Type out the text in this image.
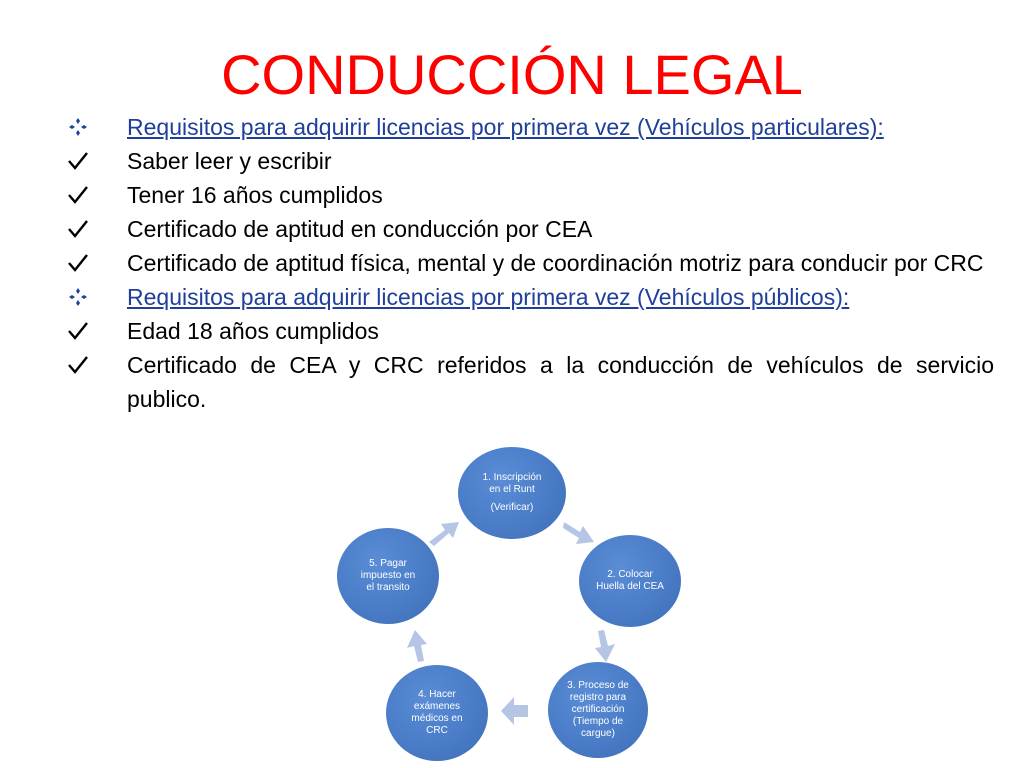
CONDUCCIÓN LEGAL
Requisitos para adquirir licencias por primera vez (Vehículos particulares):
Saber leer y escribir
Tener 16 años cumplidos
Certificado de aptitud en conducción por CEA
Certificado de aptitud física, mental y de coordinación motriz para conducir por CRC
Requisitos para adquirir licencias por primera vez (Vehículos públicos):
Edad 18 años cumplidos
Certificado de CEA y CRC referidos a la conducción de vehículos de servicio publico.
1. Inscripción
en el Runt
(Verificar)
2. Colocar
Huella del CEA
3. Proceso de
registro para
certificación
(Tiempo de
cargue)
4. Hacer
exámenes
médicos en
CRC
5. Pagar
impuesto en
el transito
